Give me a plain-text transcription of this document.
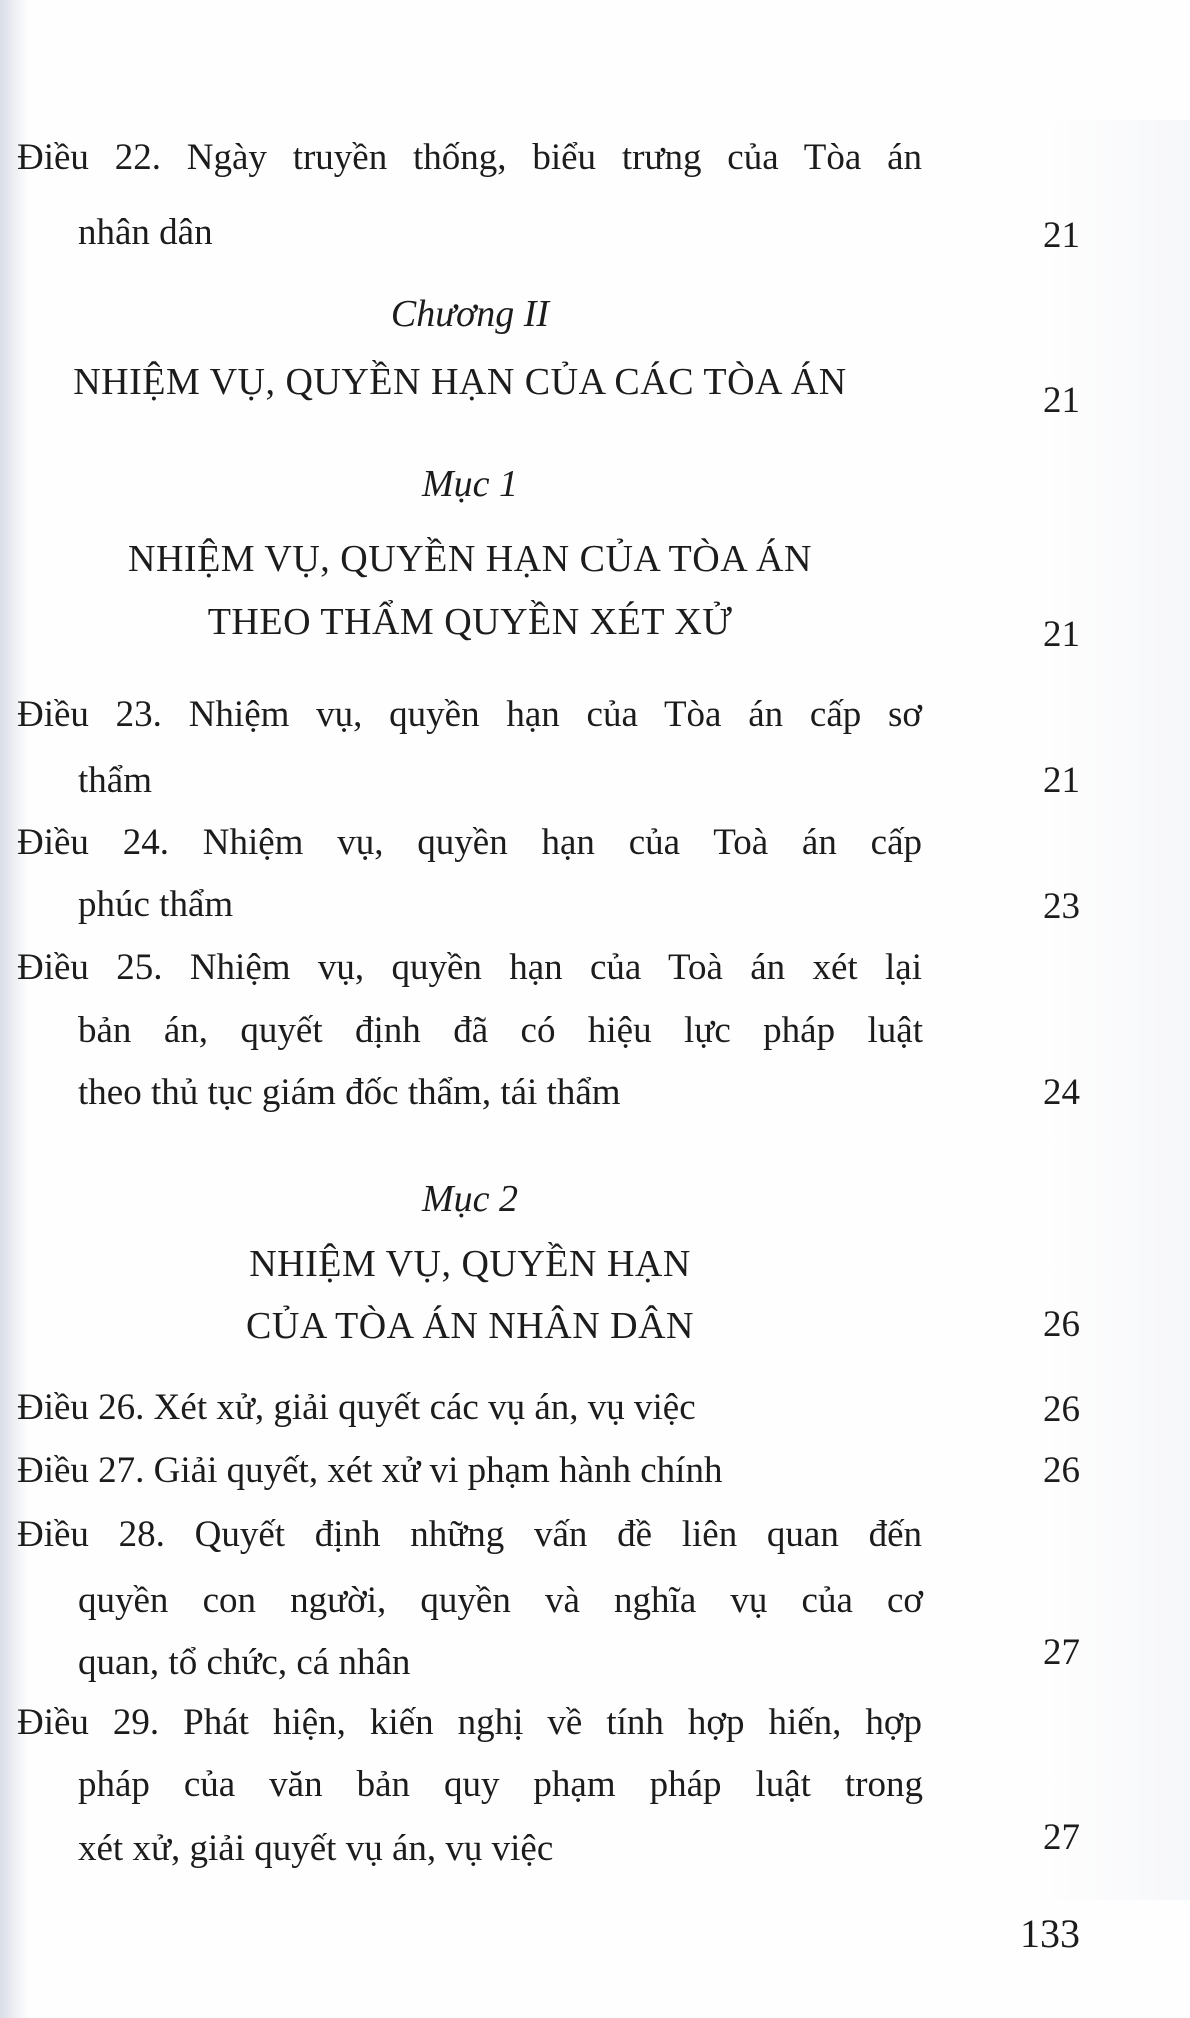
Điều 22. Ngày truyền thống, biểu trưng của Tòa án
nhân dân	21
Chương II
NHIỆM VỤ, QUYỀN HẠN CỦA CÁC TÒA ÁN	21
Mục 1
NHIỆM VỤ, QUYỀN HẠN CỦA TÒA ÁN
THEO THẨM QUYỀN XÉT XỬ	21
Điều 23. Nhiệm vụ, quyền hạn của Tòa án cấp sơ
thẩm	21
Điều 24. Nhiệm vụ, quyền hạn của Toà án cấp
phúc thẩm	23
Điều 25. Nhiệm vụ, quyền hạn của Toà án xét lại
bản án, quyết định đã có hiệu lực pháp luật
theo thủ tục giám đốc thẩm, tái thẩm	24
Mục 2
NHIỆM VỤ, QUYỀN HẠN
CỦA TÒA ÁN NHÂN DÂN	26
Điều 26. Xét xử, giải quyết các vụ án, vụ việc	26
Điều 27. Giải quyết, xét xử vi phạm hành chính	26
Điều 28. Quyết định những vấn đề liên quan đến
quyền con người, quyền và nghĩa vụ của cơ
quan, tổ chức, cá nhân	27
Điều 29. Phát hiện, kiến nghị về tính hợp hiến, hợp
pháp của văn bản quy phạm pháp luật trong
xét xử, giải quyết vụ án, vụ việc	27
133
